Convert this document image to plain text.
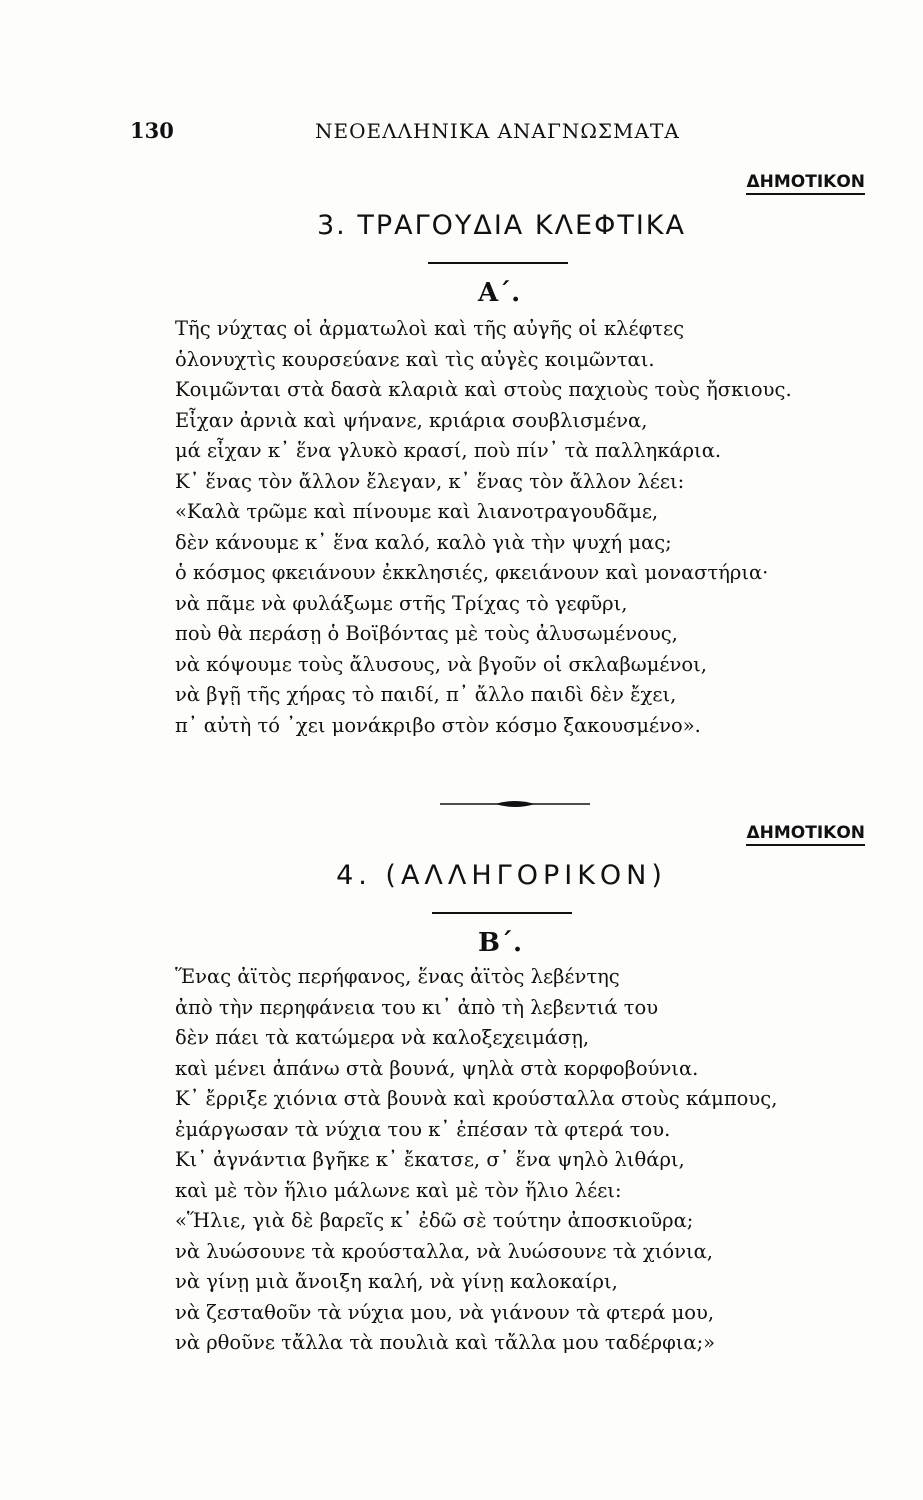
130	ΝΕΟΕΛΛΗΝΙΚΑ ΑΝΑΓΝΩΣΜΑΤΑ
ΔΗΜΟΤΙΚΟΝ
3. ΤΡΑΓΟΥΔΙΑ ΚΛΕΦΤΙΚΑ
Α΄.
Τῆς νύχτας οἱ ἀρματωλοὶ καὶ τῆς αὐγῆς οἱ κλέφτες
ὁλονυχτὶς κουρσεύανε καὶ τὶς αὐγὲς κοιμῶνται.
Κοιμῶνται στὰ δασὰ κλαριὰ καὶ στοὺς παχιοὺς τοὺς ἤσκιους.
Εἶχαν ἀρνιὰ καὶ ψήνανε, κριάρια σουβλισμένα,
μά εἶχαν κ᾿ ἕνα γλυκὸ κρασί, ποὺ πίν᾿ τὰ παλληκάρια.
Κ᾿ ἕνας τὸν ἄλλον ἔλεγαν, κ᾿ ἕνας τὸν ἄλλον λέει:
«Καλὰ τρῶμε καὶ πίνουμε καὶ λιανοτραγουδᾶμε,
δὲν κάνουμε κ᾿ ἕνα καλό, καλὸ γιὰ τὴν ψυχή μας;
ὁ κόσμος φκειάνουν ἐκκλησιές, φκειάνουν καὶ μοναστήρια·
νὰ πᾶμε νὰ φυλάξωμε στῆς Τρίχας τὸ γεφῦρι,
ποὺ θὰ περάσῃ ὁ Βοϊβόντας μὲ τοὺς ἀλυσωμένους,
νὰ κόψουμε τοὺς ἄλυσους, νὰ βγοῦν οἱ σκλαβωμένοι,
νὰ βγῇ τῆς χήρας τὸ παιδί, π᾿ ἄλλο παιδὶ δὲν ἔχει,
π᾿ αὐτὴ τό ᾿χει μονάκριβο στὸν κόσμο ξακουσμένο».
ΔΗΜΟΤΙΚΟΝ
4. (ΑΛΛΗΓΟΡΙΚΟΝ)
Β΄.
Ἕνας ἀϊτὸς περήφανος, ἕνας ἀϊτὸς λεβέντης
ἀπὸ τὴν περηφάνεια του κι᾿ ἀπὸ τὴ λεβεντιά του
δὲν πάει τὰ κατώμερα νὰ καλοξεχειμάσῃ,
καὶ μένει ἀπάνω στὰ βουνά, ψηλὰ στὰ κορφοβούνια.
Κ᾿ ἔρριξε χιόνια στὰ βουνὰ καὶ κρούσταλλα στοὺς κάμπους,
ἐμάργωσαν τὰ νύχια του κ᾿ ἐπέσαν τὰ φτερά του.
Κι᾿ ἀγνάντια βγῆκε κ᾿ ἔκατσε, σ᾿ ἕνα ψηλὸ λιθάρι,
καὶ μὲ τὸν ἥλιο μάλωνε καὶ μὲ τὸν ἥλιο λέει:
«Ἥλιε, γιὰ δὲ βαρεῖς κ᾿ ἐδῶ σὲ τούτην ἀποσκιοῦρα;
νὰ λυώσουνε τὰ κρούσταλλα, νὰ λυώσουνε τὰ χιόνια,
νὰ γίνῃ μιὰ ἄνοιξη καλή, νὰ γίνῃ καλοκαίρι,
νὰ ζεσταθοῦν τὰ νύχια μου, νὰ γιάνουν τὰ φτερά μου,
νὰ ρθοῦνε τἄλλα τὰ πουλιὰ καὶ τἄλλα μου ταδέρφια;»
